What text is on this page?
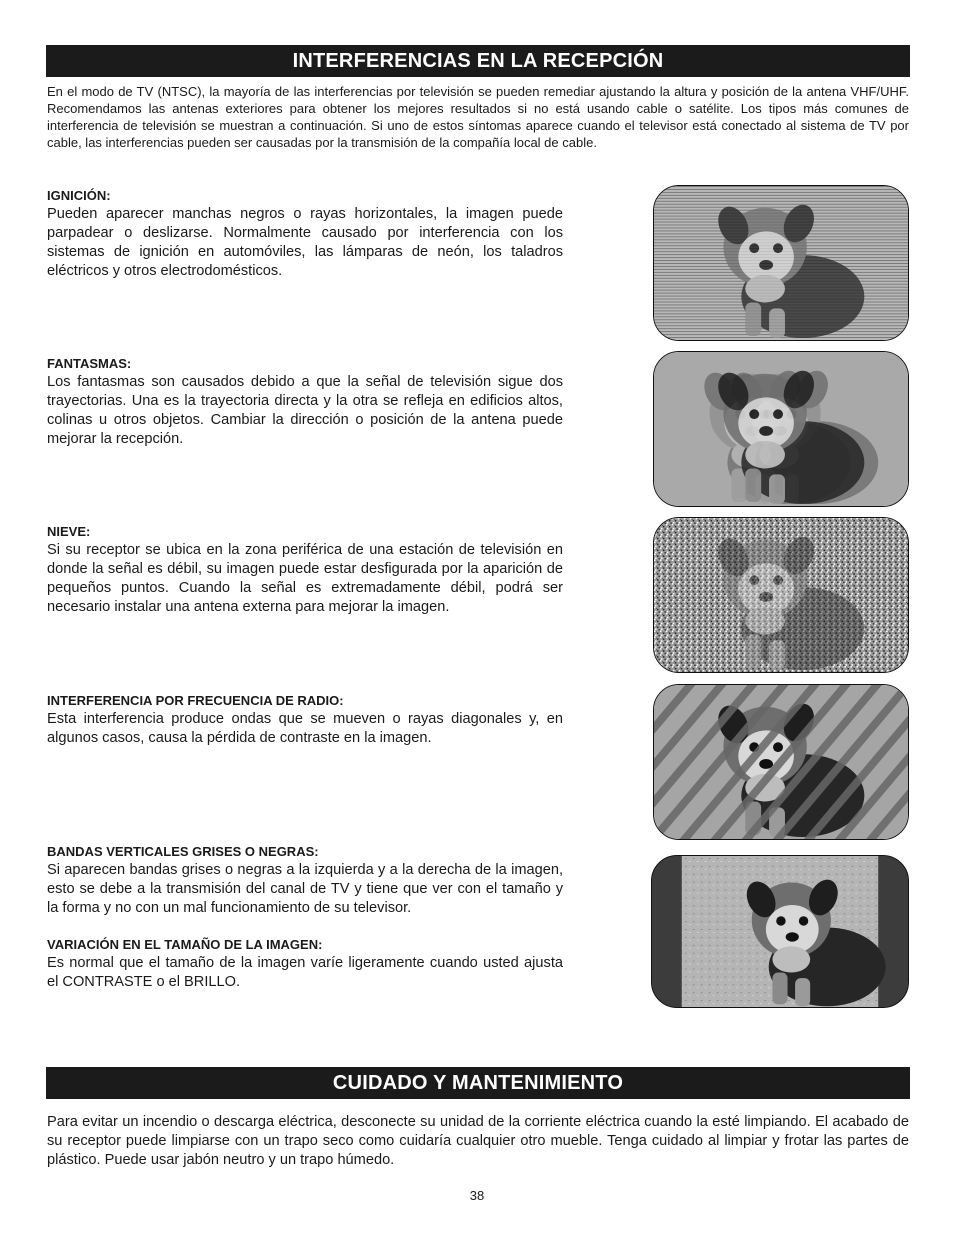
INTERFERENCIAS EN LA RECEPCIÓN

En el modo de TV (NTSC), la mayoría de las interferencias por televisión se pueden remediar ajustando la altura y posición de la antena VHF/UHF. Recomendamos las antenas exteriores para obtener los mejores resultados si no está usando cable o satélite. Los tipos más comunes de interferencia de televisión se muestran a continuación. Si uno de estos síntomas aparece cuando el televisor está conectado al sistema de TV por cable, las interferencias pueden ser causadas por la transmisión de la compañía local de cable.

IGNICIÓN:

Pueden aparecer manchas negros o rayas horizontales, la imagen puede parpadear o deslizarse. Normalmente causado por interferencia con los sistemas de ignición en automóviles, las lámparas de neón, los taladros eléctricos y otros electrodomésticos.

FANTASMAS:

Los fantasmas son causados debido a que la señal de televisión sigue dos trayectorias. Una es la trayectoria directa y la otra se refleja en edificios altos, colinas u otros objetos. Cambiar la dirección o posición de la antena puede mejorar la recepción.

NIEVE:

Si su receptor se ubica en la zona periférica de una estación de televisión en donde la señal es débil, su imagen puede estar desfigurada por la aparición de pequeños puntos. Cuando la señal es extremadamente débil, podrá ser necesario instalar una antena externa para mejorar la imagen.

INTERFERENCIA POR FRECUENCIA DE RADIO:

Esta interferencia produce ondas que se mueven o rayas diagonales y, en algunos casos, causa la pérdida de contraste en la imagen.

BANDAS VERTICALES GRISES O NEGRAS:

Si aparecen bandas grises o negras a la izquierda y a la derecha de la imagen, esto se debe a la transmisión del canal de TV y tiene que ver con el tamaño y la forma y no con un mal funcionamiento de su televisor.

VARIACIÓN EN EL TAMAÑO DE LA IMAGEN:

Es normal que el tamaño de la imagen varíe ligeramente cuando usted ajusta el CONTRASTE o el BRILLO.

CUIDADO Y MANTENIMIENTO

Para evitar un incendio o descarga eléctrica, desconecte su unidad de la corriente eléctrica cuando la esté limpiando. El acabado de su receptor puede limpiarse con un trapo seco como cuidaría cualquier otro mueble. Tenga cuidado al limpiar y frotar las partes de plástico. Puede usar jabón neutro y un trapo húmedo.

38
